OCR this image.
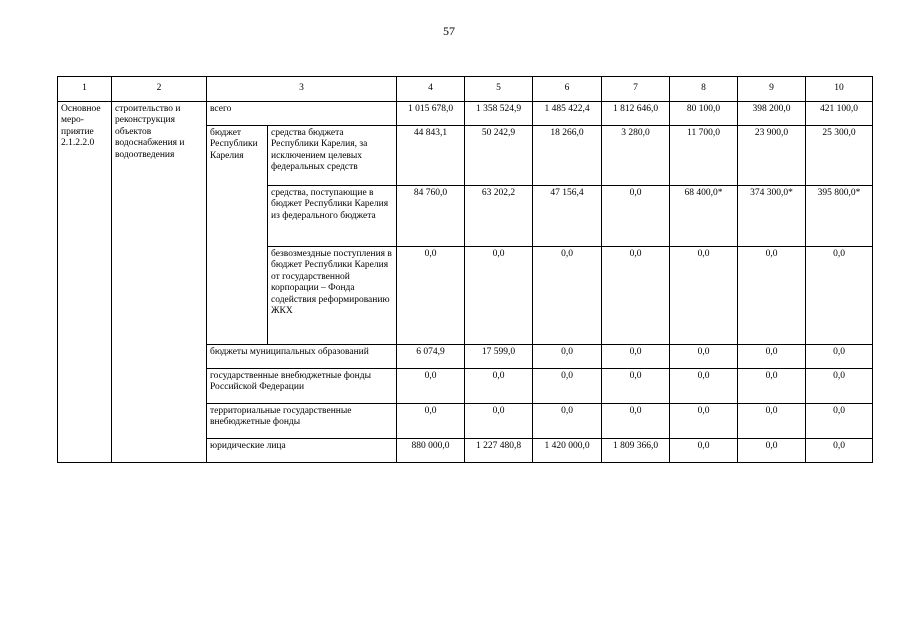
57
1	2	3		4	5	6	7	8	9	10
Основное меро-приятие 2.1.2.2.0	строительство и реконструкция объектов водоснабжения и водоотведения	всего		1 015 678,0	1 358 524,9	1 485 422,4	1 812 646,0	80 100,0	398 200,0	421 100,0
		бюджет Республики Карелия	средства бюджета Республики Карелия, за исключением целевых федеральных средств	44 843,1	50 242,9	18 266,0	3 280,0	11 700,0	23 900,0	25 300,0
			средства, поступающие в бюджет Республики Карелия из федерального бюджета	84 760,0	63 202,2	47 156,4	0,0	68 400,0*	374 300,0*	395 800,0*
			безвозмездные поступления в бюджет Республики Карелия от государственной корпорации – Фонда содействия реформированию ЖКХ	0,0	0,0	0,0	0,0	0,0	0,0	0,0
		бюджеты муниципальных образований		6 074,9	17 599,0	0,0	0,0	0,0	0,0	0,0
		государственные внебюджетные фонды Российской Федерации		0,0	0,0	0,0	0,0	0,0	0,0	0,0
		территориальные государственные внебюджетные фонды		0,0	0,0	0,0	0,0	0,0	0,0	0,0
		юридические лица		880 000,0	1 227 480,8	1 420 000,0	1 809 366,0	0,0	0,0	0,0
